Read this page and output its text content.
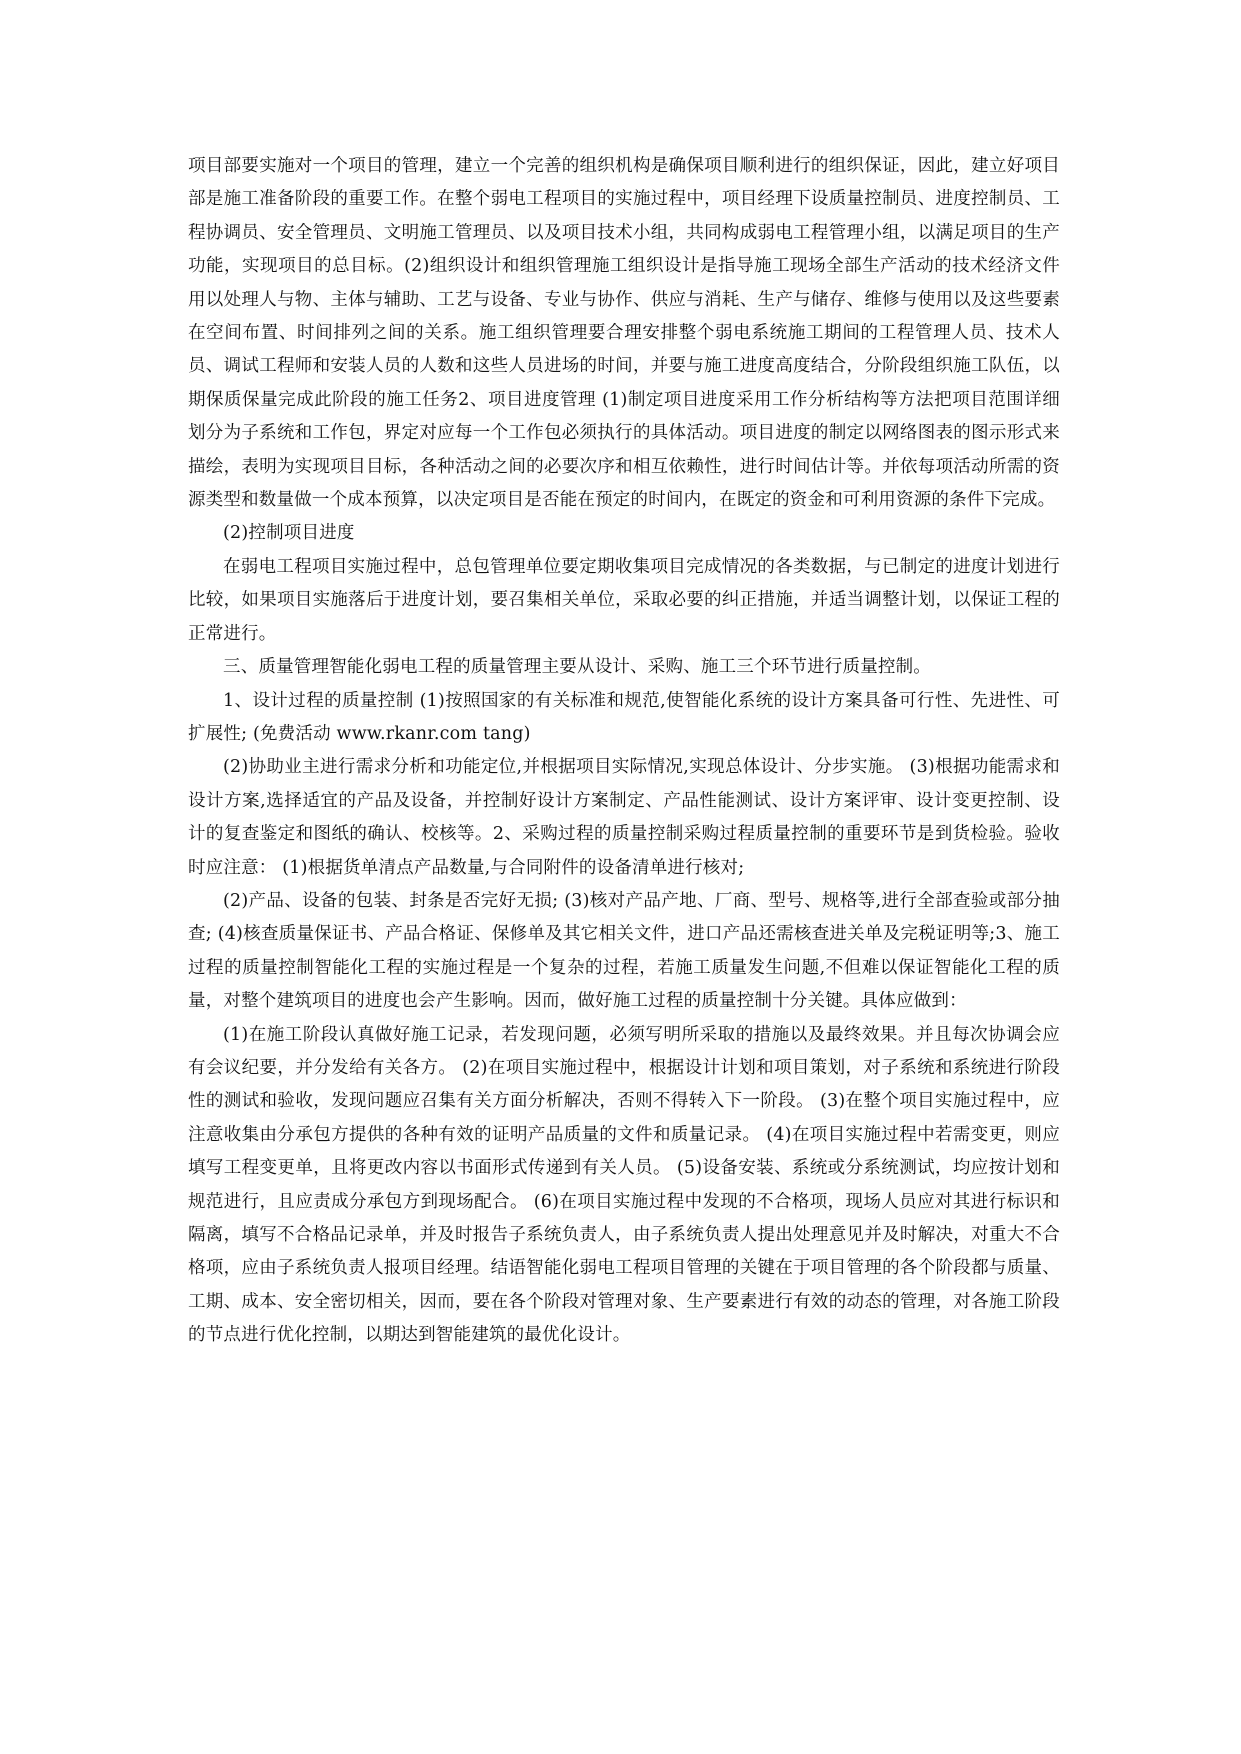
项目部要实施对一个项目的管理，建立一个完善的组织机构是确保项目顺利进行的组织保证，因此，建立好项目部是施工准备阶段的重要工作。在整个弱电工程项目的实施过程中，项目经理下设质量控制员、进度控制员、工程协调员、安全管理员、文明施工管理员、以及项目技术小组，共同构成弱电工程管理小组，以满足项目的生产功能，实现项目的总目标。(2)组织设计和组织管理施工组织设计是指导施工现场全部生产活动的技术经济文件用以处理人与物、主体与辅助、工艺与设备、专业与协作、供应与消耗、生产与储存、维修与使用以及这些要素在空间布置、时间排列之间的关系。施工组织管理要合理安排整个弱电系统施工期间的工程管理人员、技术人员、调试工程师和安装人员的人数和这些人员进场的时间，并要与施工进度高度结合，分阶段组织施工队伍，以期保质保量完成此阶段的施工任务2、项目进度管理 (1)制定项目进度采用工作分析结构等方法把项目范围详细划分为子系统和工作包，界定对应每一个工作包必须执行的具体活动。项目进度的制定以网络图表的图示形式来描绘，表明为实现项目目标，各种活动之间的必要次序和相互依赖性，进行时间估计等。并依每项活动所需的资源类型和数量做一个成本预算，以决定项目是否能在预定的时间内，在既定的资金和可利用资源的条件下完成。

(2)控制项目进度

在弱电工程项目实施过程中，总包管理单位要定期收集项目完成情况的各类数据，与已制定的进度计划进行比较，如果项目实施落后于进度计划，要召集相关单位，采取必要的纠正措施，并适当调整计划，以保证工程的正常进行。

三、质量管理智能化弱电工程的质量管理主要从设计、采购、施工三个环节进行质量控制。

1、设计过程的质量控制 (1)按照国家的有关标准和规范,使智能化系统的设计方案具备可行性、先进性、可扩展性; (免费活动 www.rkanr.com tang)

(2)协助业主进行需求分析和功能定位,并根据项目实际情况,实现总体设计、分步实施。 (3)根据功能需求和设计方案,选择适宜的产品及设备，并控制好设计方案制定、产品性能测试、设计方案评审、设计变更控制、设计的复查鉴定和图纸的确认、校核等。2、采购过程的质量控制采购过程质量控制的重要环节是到货检验。验收时应注意： (1)根据货单清点产品数量,与合同附件的设备清单进行核对;

(2)产品、设备的包装、封条是否完好无损; (3)核对产品产地、厂商、型号、规格等,进行全部查验或部分抽查; (4)核查质量保证书、产品合格证、保修单及其它相关文件，进口产品还需核查进关单及完税证明等;3、施工过程的质量控制智能化工程的实施过程是一个复杂的过程，若施工质量发生问题,不但难以保证智能化工程的质量，对整个建筑项目的进度也会产生影响。因而，做好施工过程的质量控制十分关键。具体应做到：

(1)在施工阶段认真做好施工记录，若发现问题，必须写明所采取的措施以及最终效果。并且每次协调会应有会议纪要，并分发给有关各方。 (2)在项目实施过程中，根据设计计划和项目策划，对子系统和系统进行阶段性的测试和验收，发现问题应召集有关方面分析解决，否则不得转入下一阶段。 (3)在整个项目实施过程中，应注意收集由分承包方提供的各种有效的证明产品质量的文件和质量记录。 (4)在项目实施过程中若需变更，则应填写工程变更单，且将更改内容以书面形式传递到有关人员。 (5)设备安装、系统或分系统测试，均应按计划和规范进行，且应责成分承包方到现场配合。 (6)在项目实施过程中发现的不合格项，现场人员应对其进行标识和隔离，填写不合格品记录单，并及时报告子系统负责人，由子系统负责人提出处理意见并及时解决，对重大不合格项，应由子系统负责人报项目经理。结语智能化弱电工程项目管理的关键在于项目管理的各个阶段都与质量、工期、成本、安全密切相关，因而，要在各个阶段对管理对象、生产要素进行有效的动态的管理，对各施工阶段的节点进行优化控制，以期达到智能建筑的最优化设计。
